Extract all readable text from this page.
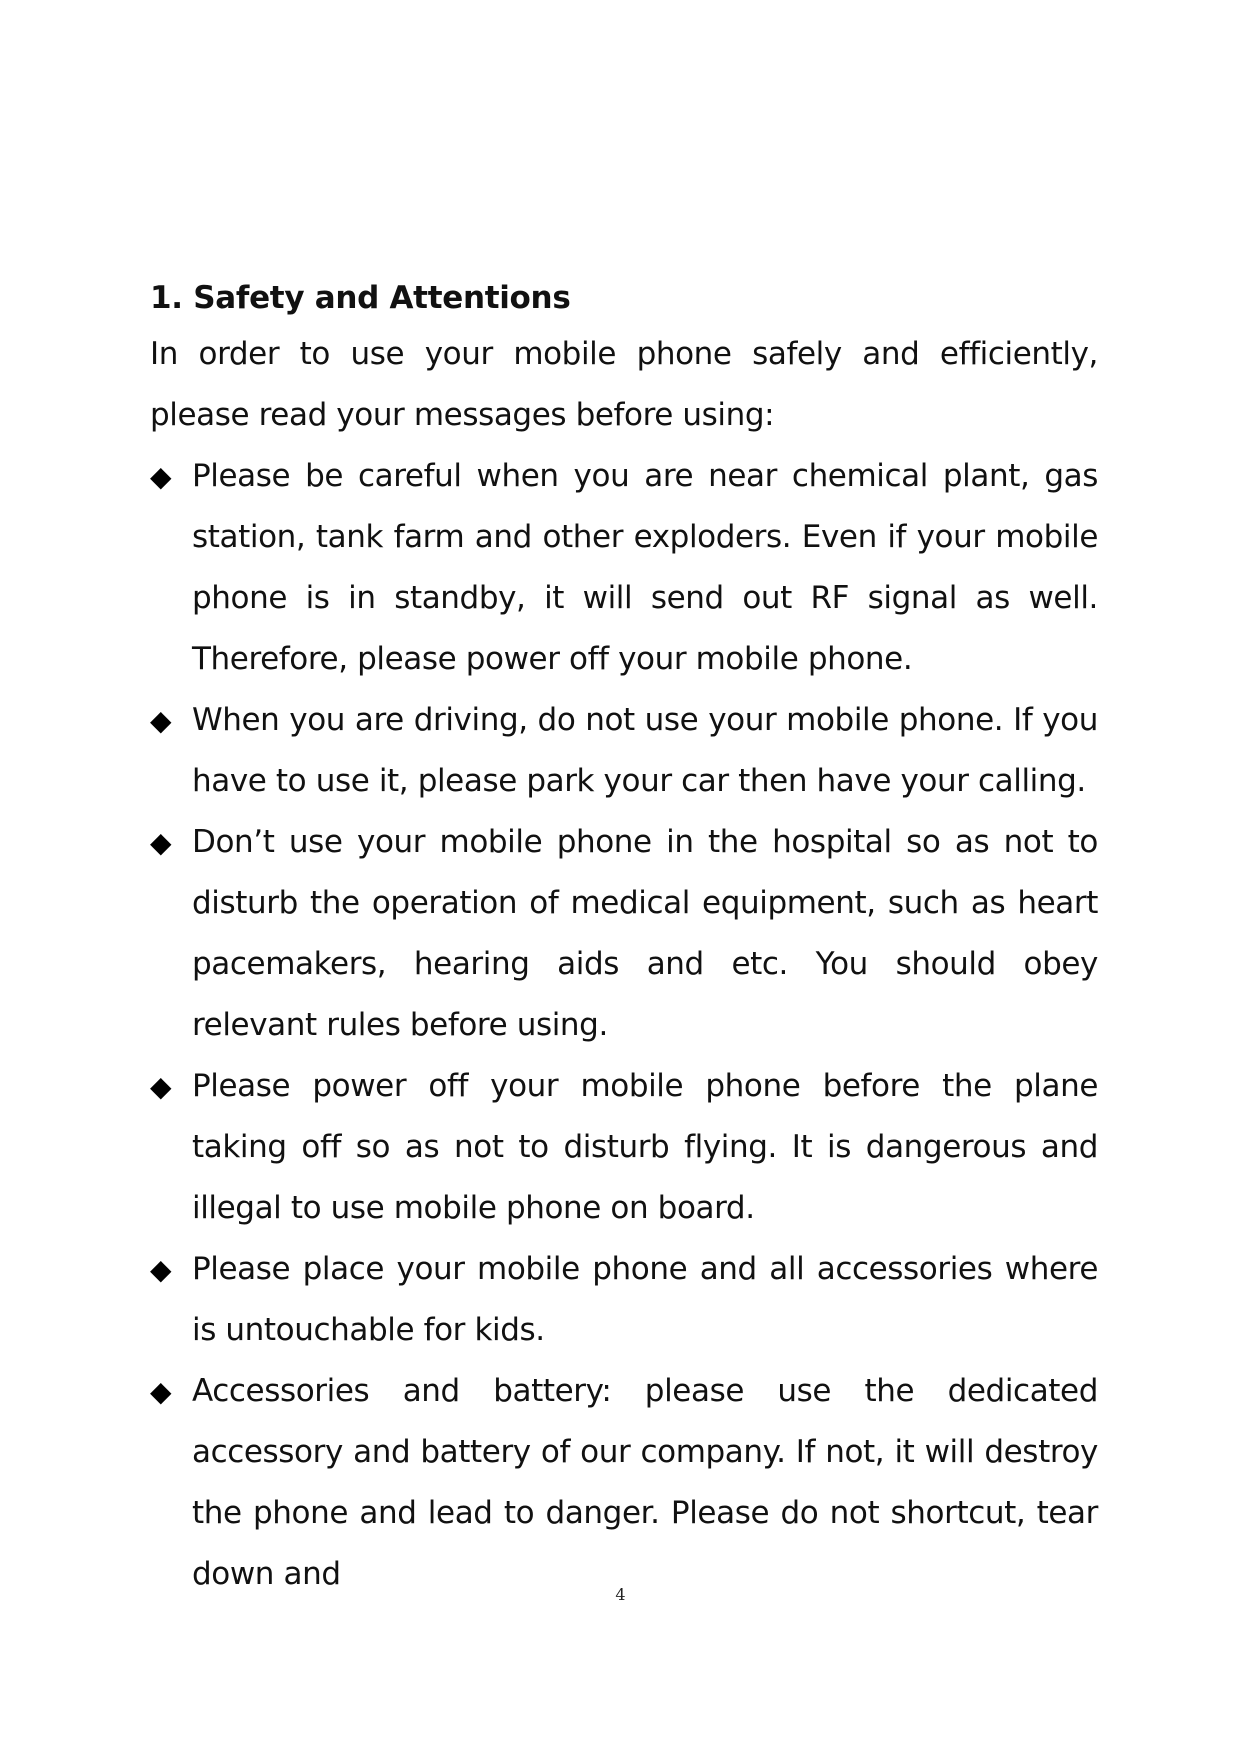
1. Safety and Attentions

In order to use your mobile phone safely and efficiently, please read your messages before using:

◆ Please be careful when you are near chemical plant, gas station, tank farm and other exploders. Even if your mobile phone is in standby, it will send out RF signal as well. Therefore, please power off your mobile phone.
◆ When you are driving, do not use your mobile phone. If you have to use it, please park your car then have your calling.
◆ Don’t use your mobile phone in the hospital so as not to disturb the operation of medical equipment, such as heart pacemakers, hearing aids and etc. You should obey relevant rules before using.
◆ Please power off your mobile phone before the plane taking off so as not to disturb flying. It is dangerous and illegal to use mobile phone on board.
◆ Please place your mobile phone and all accessories where is untouchable for kids.
◆ Accessories and battery: please use the dedicated accessory and battery of our company. If not, it will destroy the phone and lead to danger. Please do not shortcut, tear down and
4
